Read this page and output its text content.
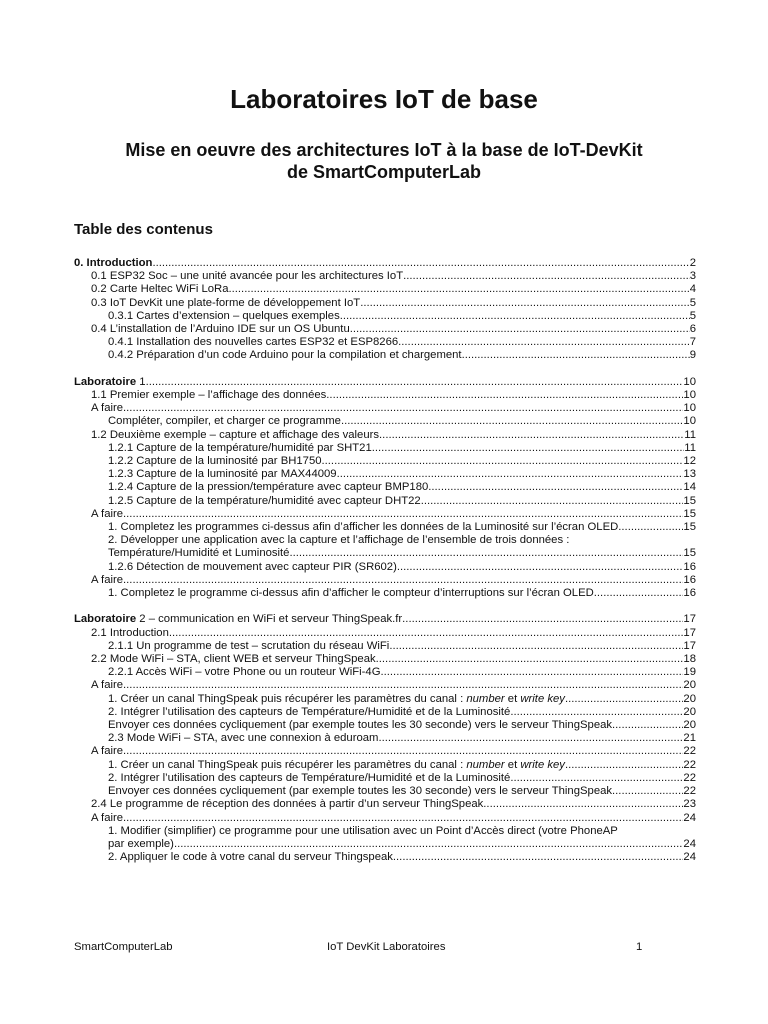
Laboratoires IoT de base
Mise en oeuvre des architectures IoT à la base de IoT-DevKit
de SmartComputerLab
Table des contenus
0. Introduction .....	2
0.1 ESP32 Soc – une unité avancée pour les architectures IoT .....	3
0.2 Carte Heltec WiFi LoRa .....	4
0.3 IoT DevKit une plate-forme de développement IoT .....	5
0.3.1 Cartes d’extension – quelques exemples .....	5
0.4 L’installation de l’Arduino IDE sur un OS Ubuntu .....	6
0.4.1 Installation des nouvelles cartes ESP32 et ESP8266 .....	7
0.4.2 Préparation d’un code Arduino pour la compilation et chargement .....	9
Laboratoire 1 .....	10
1.1 Premier exemple – l’affichage des données .....	10
A faire .....	10
Compléter, compiler, et charger ce programme .....	10
1.2 Deuxième exemple – capture et affichage des valeurs .....	11
1.2.1 Capture de la température/humidité par SHT21 .....	11
1.2.2 Capture de la luminosité par BH1750 .....	12
1.2.3 Capture de la luminosité par MAX44009 .....	13
1.2.4 Capture de la pression/température avec capteur BMP180 .....	14
1.2.5 Capture de la température/humidité avec capteur DHT22 .....	15
A faire .....	15
1. Completez les programmes ci-dessus afin d’afficher les données de la Luminosité sur l’écran OLED .....	15
2. Développer une application avec la capture et l’affichage de l’ensemble de trois données :
Température/Humidité et Luminosité .....	15
1.2.6 Détection de mouvement avec capteur PIR (SR602) .....	16
A faire .....	16
1. Completez le programme ci-dessus afin d’afficher le compteur d’interruptions sur l’écran OLED .....	16
Laboratoire 2 – communication en WiFi et serveur ThingSpeak.fr .....	17
2.1 Introduction .....	17
2.1.1 Un programme de test – scrutation du réseau WiFi .....	17
2.2 Mode WiFi – STA, client WEB et serveur ThingSpeak .....	18
2.2.1 Accès WiFi – votre Phone ou un routeur WiFi-4G .....	19
A faire .....	20
1. Créer un canal ThingSpeak puis récupérer les paramètres du canal : number et write key .....	20
2. Intégrer l’utilisation des capteurs de Température/Humidité et de la Luminosité .....	20
Envoyer ces données cycliquement (par exemple toutes les 30 seconde) vers le serveur ThingSpeak .....	20
2.3 Mode WiFi – STA, avec une connexion à eduroam .....	21
A faire .....	22
1. Créer un canal ThingSpeak puis récupérer les paramètres du canal : number et write key .....	22
2. Intégrer l’utilisation des capteurs de Température/Humidité et de la Luminosité .....	22
Envoyer ces données cycliquement (par exemple toutes les 30 seconde) vers le serveur ThingSpeak .....	22
2.4 Le programme de réception des données à partir d’un serveur ThingSpeak .....	23
A faire .....	24
1. Modifier (simplifier) ce programme pour une utilisation avec un Point d’Accès direct (votre PhoneAP
par exemple) .....	24
2. Appliquer le code à votre canal du serveur Thingspeak .....	24
SmartComputerLab	IoT DevKit Laboratoires	1
